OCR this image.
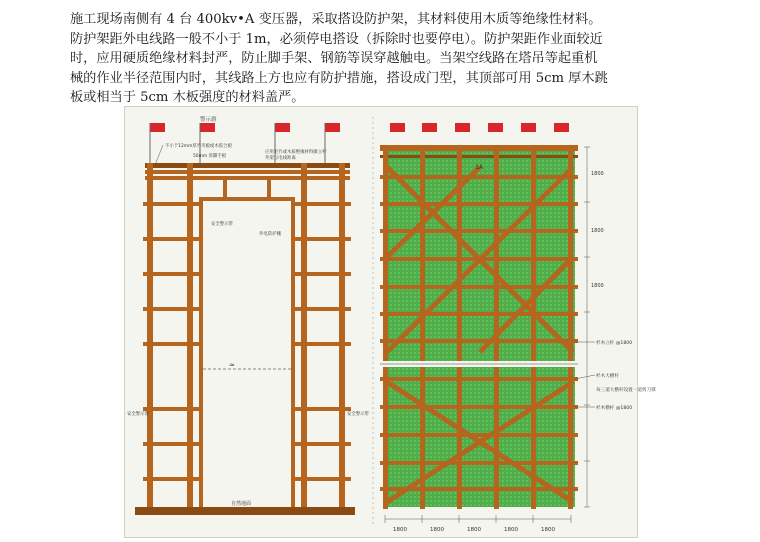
施工现场南侧有 4 台 400kv•A 变压器，采取搭设防护架，其材料使用木质等绝缘性材料。
防护架距外电线路一般不小于 1m，必须停电搭设（拆除时也要停电）。防护架距作业面较近
时，应用硬质绝缘材料封严，防止脚手架、钢筋等误穿越触电。当架空线路在塔吊等起重机
械的作业半径范围内时，其线路上方也应有防护措施，搭设成门型，其顶部可用 5cm 厚木跳
板或相当于 5cm 木板强度的材料盖严。
警示旗
≈
不小于12mm厚竹夹板或木胶合板
50mm 厚脚手板
应用毛竹或木质绝缘材料做立杆
外架与电线距离
安全警示带
外电防护棚
安全警示带	安全警示带
自然地面
1800
1800
1800
1A
杉木立杆 @1800
杉木大横杆
每三道大横杆设置一道剪刀撑
杉木横杆 @1800
1800	1800	1800	1800	1800
